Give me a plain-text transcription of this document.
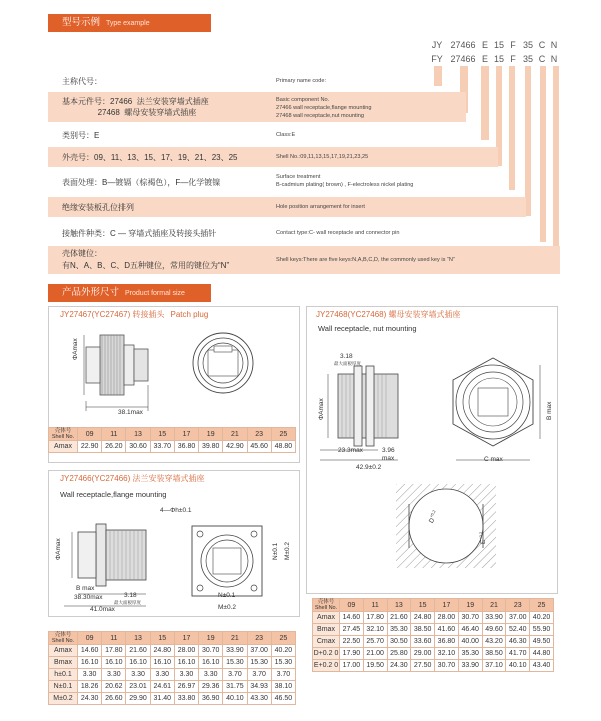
型号示例 Type example
JY 27466 E 15 F 35 C N
FY 27466 E 15 F 35 C N
主称代号：	Primary name code:
基本元件号：27466  法兰安装穿墙式插座
27468  螺母安装穿墙式插座
Basic component No.
27466 wall receptacle,flange mounting
27468 wall receptacle,nut mounting
类别号：E	Class:E
外壳号：09、11、13、15、17、19、21、23、25	Shell No.:09,11,13,15,17,19,21,23,25
表面处理：B—镀镉（棕褐色），F—化学镀镍
Surface treatment
B-cadmium plating( brown) , F-electroless nickel plating
绝缘安装板孔位排列	Hole position arrangement for insert
接触件种类：C — 穿墙式插座及转接头插针	Contact type:C- wall receptacle and connector pin
壳体键位：
有N、A、B、C、D五种键位，常用的键位为“N”
Shell keys:There are five keys:N,A,B,C,D, the commonly used key is “N”
产品外形尺寸 Product formal size
JY27467(YC27467) 转接插头 Patch plug
ΦAmax
38.1max
壳体号 Shell No.	09	11	13	15	17	19	21	23	25
Amax	22.90	26.20	30.60	33.70	36.80	39.80	42.90	45.60	48.80
JY27466(YC27466) 法兰安装穿墙式插座
Wall receptacle,flange mounting
ΦAmax
B max
38.30max	3.18
最大面板厚度
41.0max
4—Φh±0.1
N±0.1 M±0.2
N±0.1
M±0.2
壳体号 Shell No.	09	11	13	15	17	19	21	23	25
Amax	14.60	17.80	21.60	24.80	28.00	30.70	33.90	37.00	40.20
Bmax	16.10	16.10	16.10	16.10	16.10	16.10	15.30	15.30	15.30
h±0.1	3.30	3.30	3.30	3.30	3.30	3.30	3.70	3.70	3.70
N±0.1	18.26	20.62	23.01	24.61	26.97	29.36	31.75	34.93	38.10
M±0.2	24.30	26.60	29.90	31.40	33.80	36.90	40.10	43.30	46.50
JY27468(YC27468) 螺母安装穿墙式插座
Wall receptacle, nut mounting
3.18
最大面板厚度
ΦAmax
23.3max	3.96
max
42.9±0.2
B max
C max
$D^{+0.2}$
$E^{+0.2}$
壳体号 Shell No.	09	11	13	15	17	19	21	23	25
Amax	14.60	17.80	21.60	24.80	28.00	30.70	33.90	37.00	40.20
Bmax	27.45	32.10	35.30	38.50	41.60	46.40	49.60	52.40	55.90
Cmax	22.50	25.70	30.50	33.60	36.80	40.00	43.20	46.30	49.50
D+0.2 0	17.90	21.00	25.80	29.00	32.10	35.30	38.50	41.70	44.80
E+0.2 0	17.00	19.50	24.30	27.50	30.70	33.90	37.10	40.10	43.40
